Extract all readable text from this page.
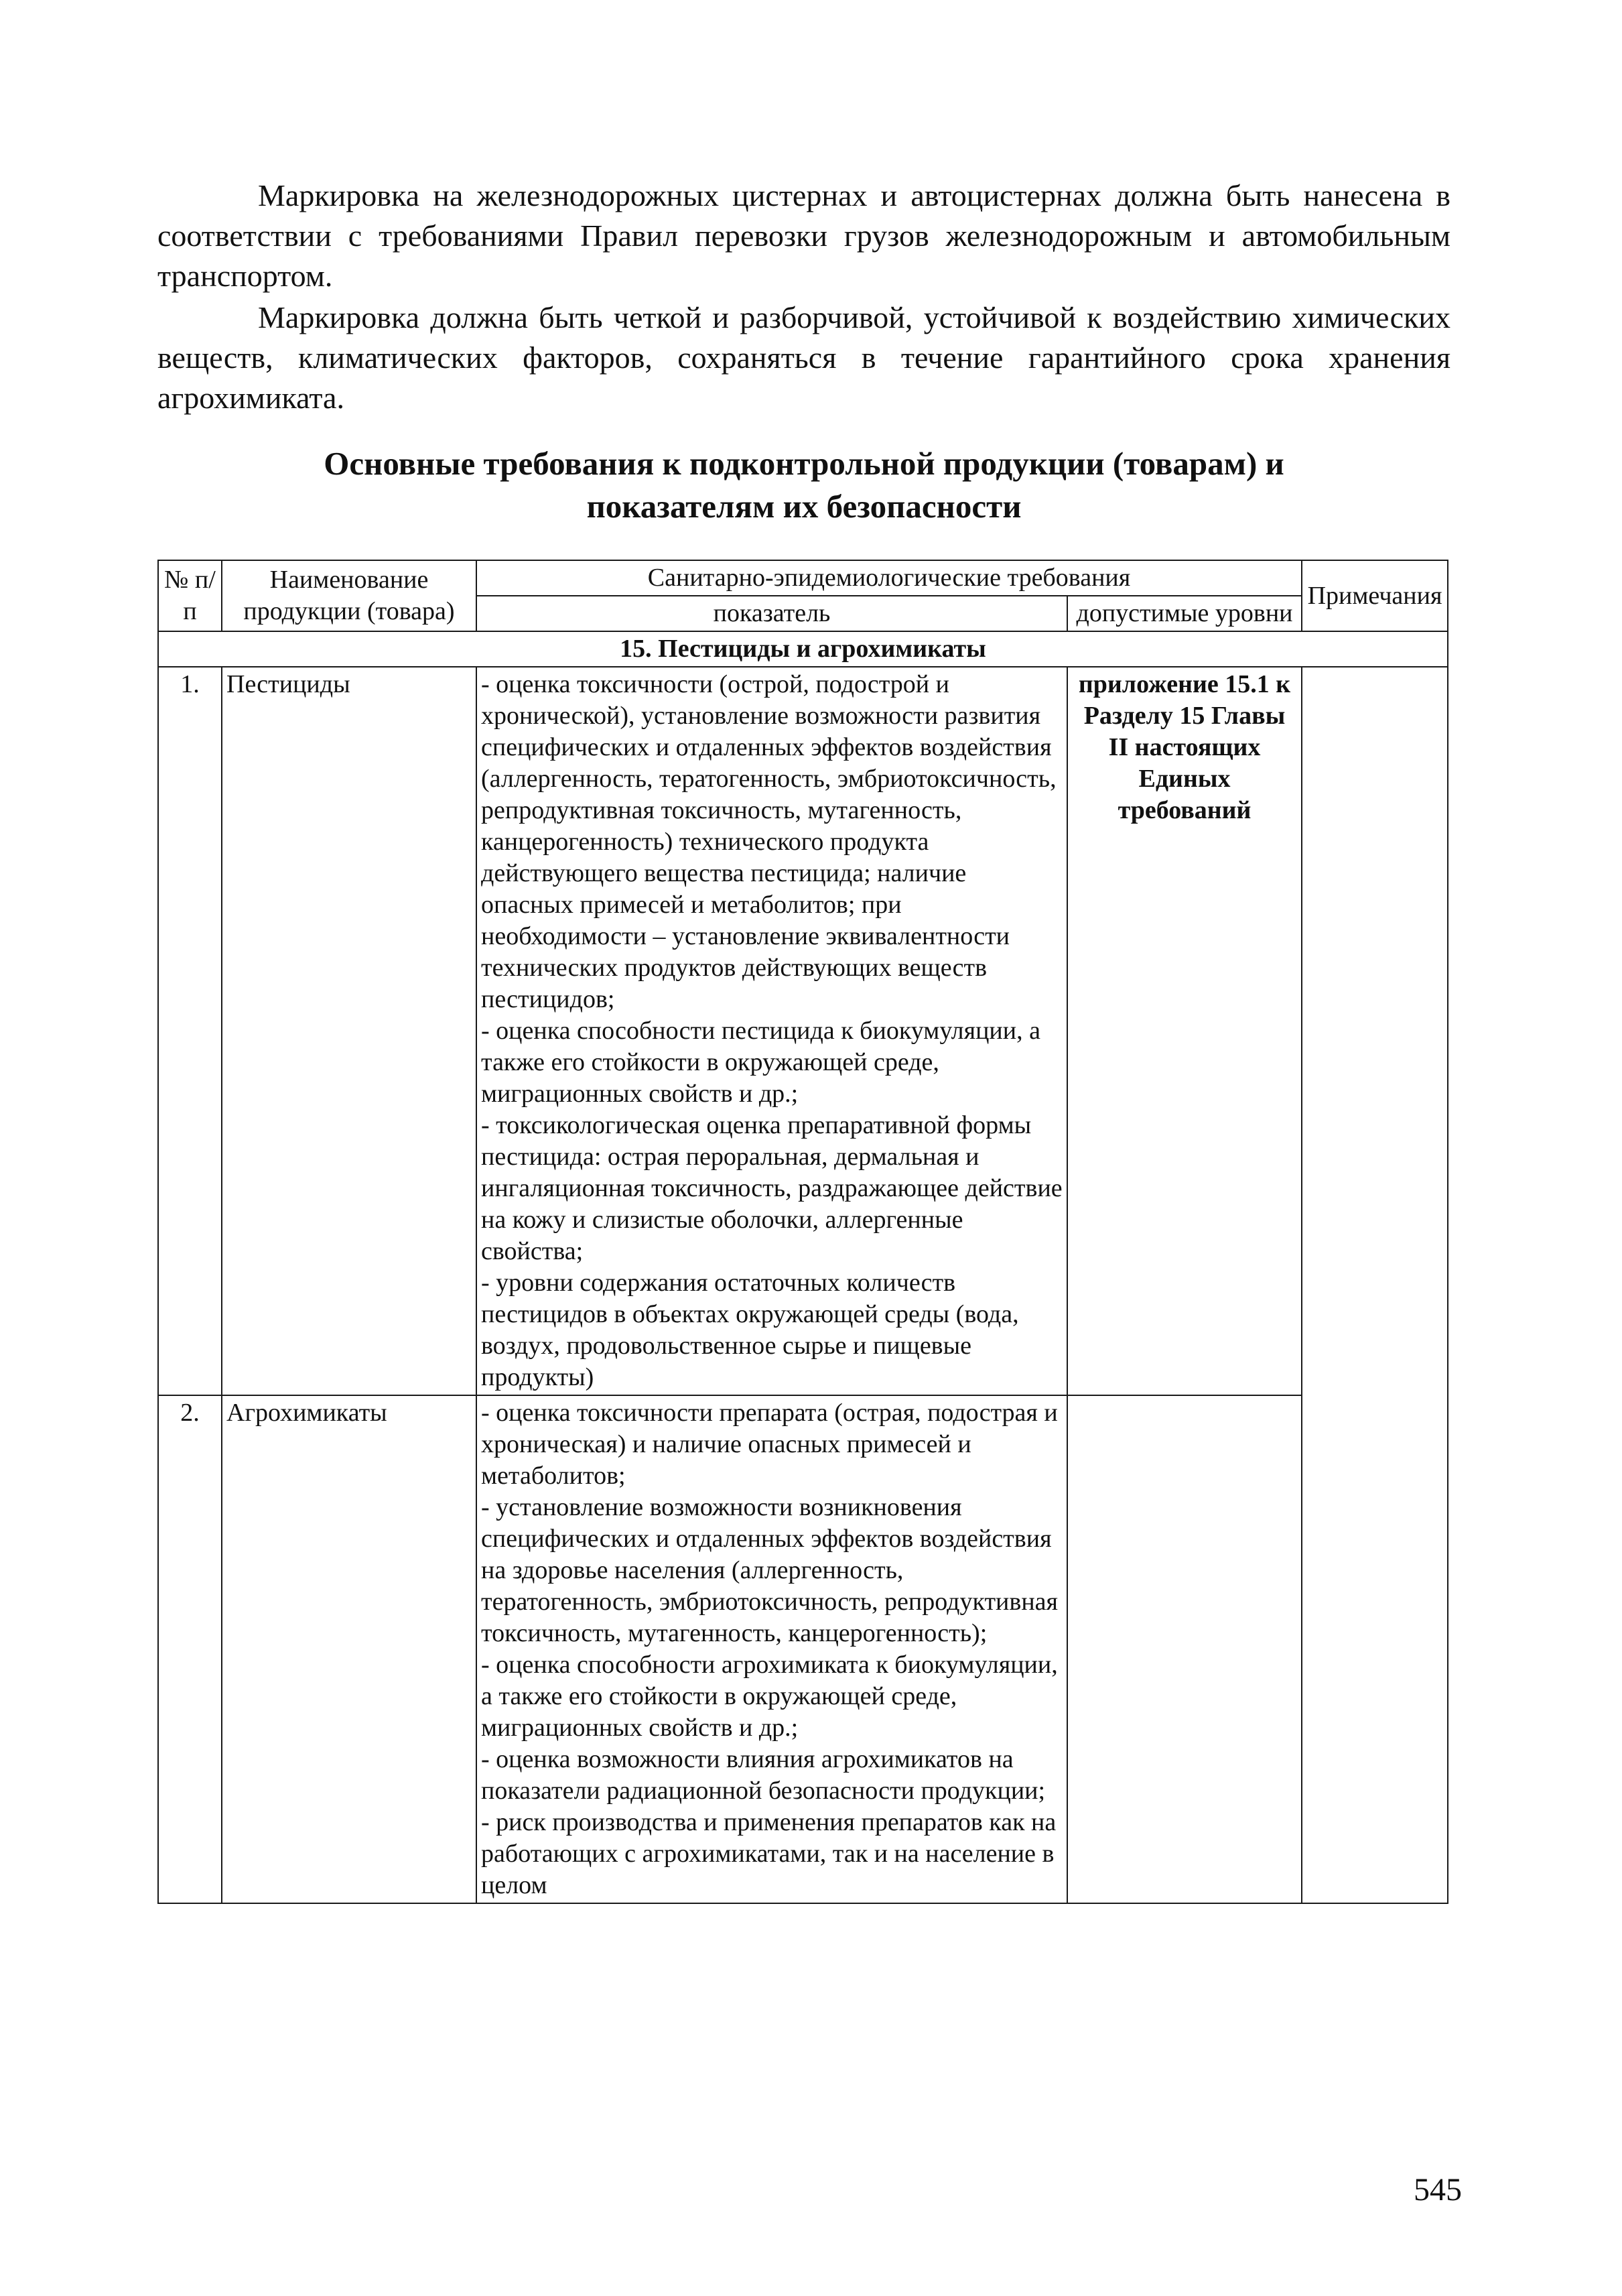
Маркировка на железнодорожных цистернах и автоцистернах должна быть нанесена в соответствии с требованиями Правил перевозки грузов железнодорожным и автомобильным транспортом.

Маркировка должна быть четкой и разборчивой, устойчивой к воздействию химических веществ, климатических факторов, сохраняться в течение гарантийного срока хранения агрохимиката.

Основные требования к подконтрольной продукции (товарам) и
показателям их безопасности
№ п/п	Наименование продукции (товара)	Санитарно-эпидемиологические требования		Примечания
		показатель	допустимые уровни	
15. Пестициды и агрохимикаты				
1.	Пестициды	- оценка токсичности (острой, подострой и хронической), установление возможности развития специфических и отдаленных эффектов воздействия (аллергенность, тератогенность, эмбриотоксичность, репродуктивная токсичность, мутагенность, канцерогенность) технического продукта действующего вещества пестицида; наличие опасных примесей и метаболитов; при необходимости – установление эквивалентности технических продуктов действующих веществ пестицидов;
- оценка способности пестицида к биокумуляции, а также его стойкости в окружающей среде, миграционных свойств и др.;
- токсикологическая оценка препаративной формы пестицида: острая пероральная, дермальная и ингаляционная токсичность, раздражающее действие на кожу и слизистые оболочки, аллергенные свойства;
- уровни содержания остаточных количеств пестицидов в объектах окружающей среды (вода, воздух, продовольственное сырье и пищевые продукты)	приложение 15.1 к Разделу 15 Главы II настоящих Единых требований	
2.	Агрохимикаты	- оценка токсичности препарата (острая, подострая и хроническая) и наличие опасных примесей и метаболитов;
- установление возможности возникновения специфических и отдаленных эффектов воздействия на здоровье населения (аллергенность, тератогенность, эмбриотоксичность, репродуктивная токсичность, мутагенность, канцерогенность);
- оценка способности агрохимиката к биокумуляции, а также его стойкости в окружающей среде, миграционных свойств и др.;
- оценка возможности влияния агрохимикатов на показатели радиационной безопасности продукции;
- риск производства и применения препаратов как на работающих с агрохимикатами, так и на население в целом		

545
